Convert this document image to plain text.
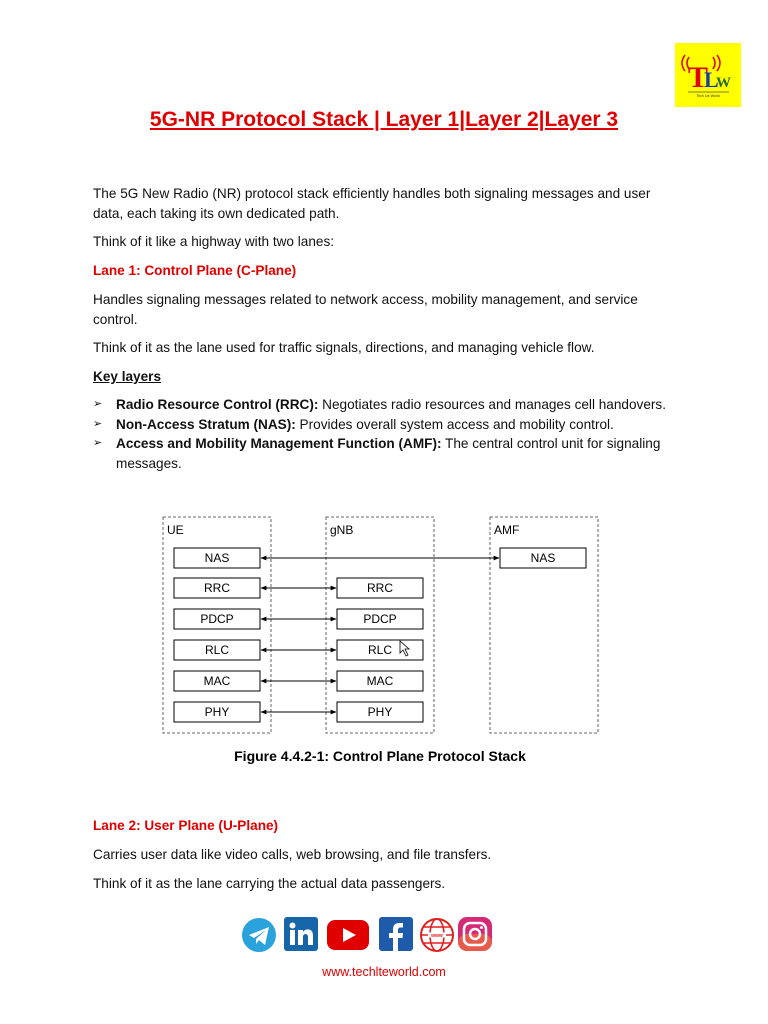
T
L
W
Tech Lte World
5G-NR Protocol Stack | Layer 1|Layer 2|Layer 3
The 5G New Radio (NR) protocol stack efficiently handles both signaling messages and user data, each taking its own dedicated path.
Think of it like a highway with two lanes:
Lane 1: Control Plane (C-Plane)
Handles signaling messages related to network access, mobility management, and service control.
Think of it as the lane used for traffic signals, directions, and managing vehicle flow.
Key layers
➢ Radio Resource Control (RRC): Negotiates radio resources and manages cell handovers.
➢ Non-Access Stratum (NAS): Provides overall system access and mobility control.
➢ Access and Mobility Management Function (AMF): The central control unit for signaling messages.
UE	gNB	AMF
NAS
RRC
PDCP
RLC
MAC
PHY
RRC
PDCP
RLC
MAC
PHY
NAS
Figure 4.4.2-1: Control Plane Protocol Stack
Lane 2: User Plane (U-Plane)
Carries user data like video calls, web browsing, and file transfers.
Think of it as the lane carrying the actual data passengers.
www
www.techlteworld.com
